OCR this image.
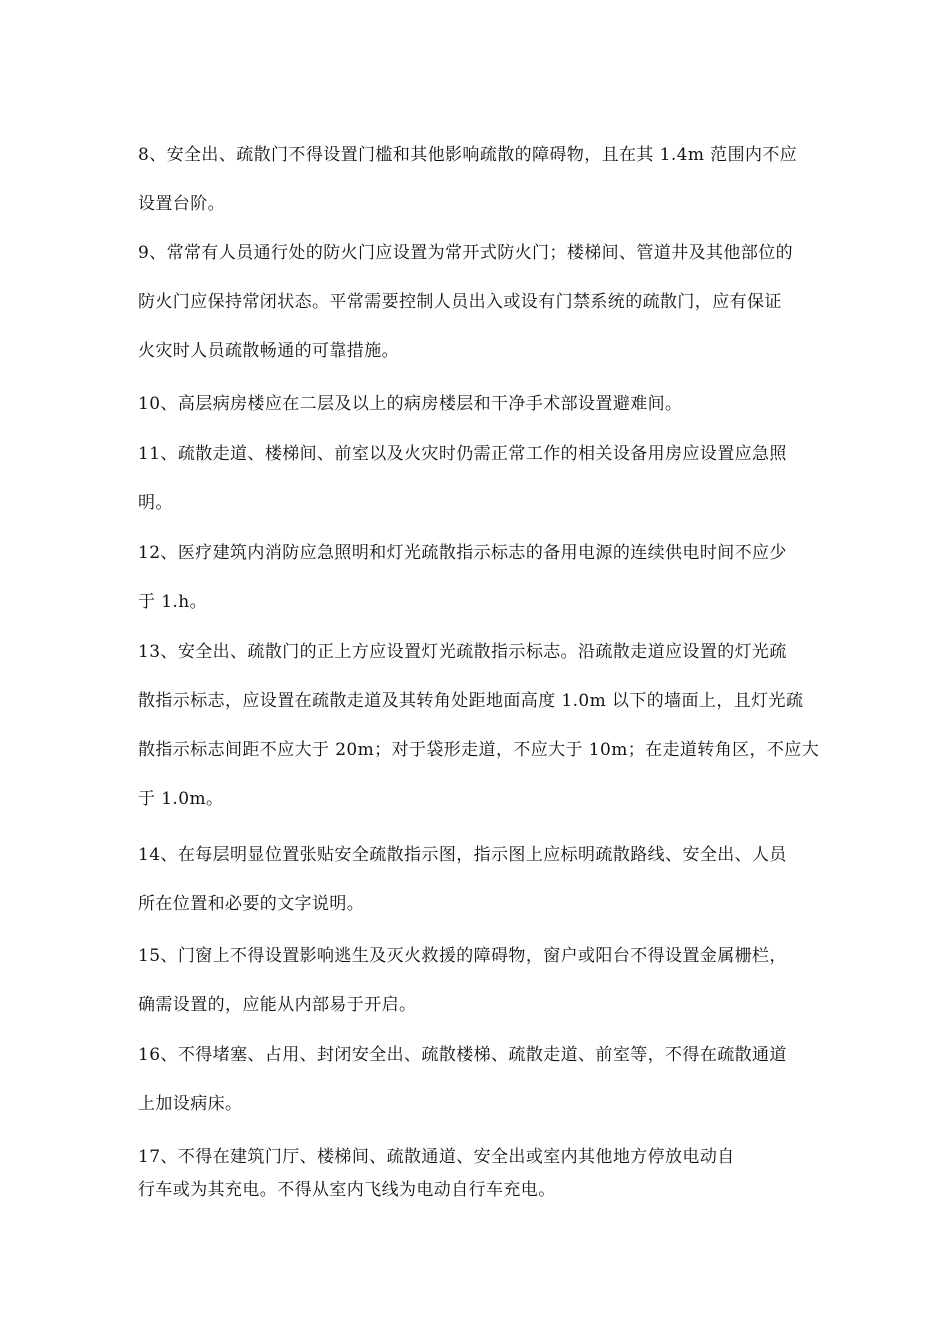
8、安全出、疏散门不得设置门槛和其他影响疏散的障碍物，且在其 1.4m 范围内不应
设置台阶。

9、常常有人员通行处的防火门应设置为常开式防火门；楼梯间、管道井及其他部位的
防火门应保持常闭状态。平常需要控制人员出入或设有门禁系统的疏散门，应有保证
火灾时人员疏散畅通的可靠措施。

10、高层病房楼应在二层及以上的病房楼层和干净手术部设置避难间。

11、疏散走道、楼梯间、前室以及火灾时仍需正常工作的相关设备用房应设置应急照
明。

12、医疗建筑内消防应急照明和灯光疏散指示标志的备用电源的连续供电时间不应少
于 1.h。

13、安全出、疏散门的正上方应设置灯光疏散指示标志。沿疏散走道应设置的灯光疏
散指示标志，应设置在疏散走道及其转角处距地面高度 1.0m 以下的墙面上，且灯光疏
散指示标志间距不应大于 20m；对于袋形走道，不应大于 10m；在走道转角区，不应大
于 1.0m。

14、在每层明显位置张贴安全疏散指示图，指示图上应标明疏散路线、安全出、人员
所在位置和必要的文字说明。

15、门窗上不得设置影响逃生及灭火救援的障碍物，窗户或阳台不得设置金属栅栏，
确需设置的，应能从内部易于开启。

16、不得堵塞、占用、封闭安全出、疏散楼梯、疏散走道、前室等，不得在疏散通道
上加设病床。

17、不得在建筑门厅、楼梯间、疏散通道、安全出或室内其他地方停放电动自
行车或为其充电。不得从室内飞线为电动自行车充电。
